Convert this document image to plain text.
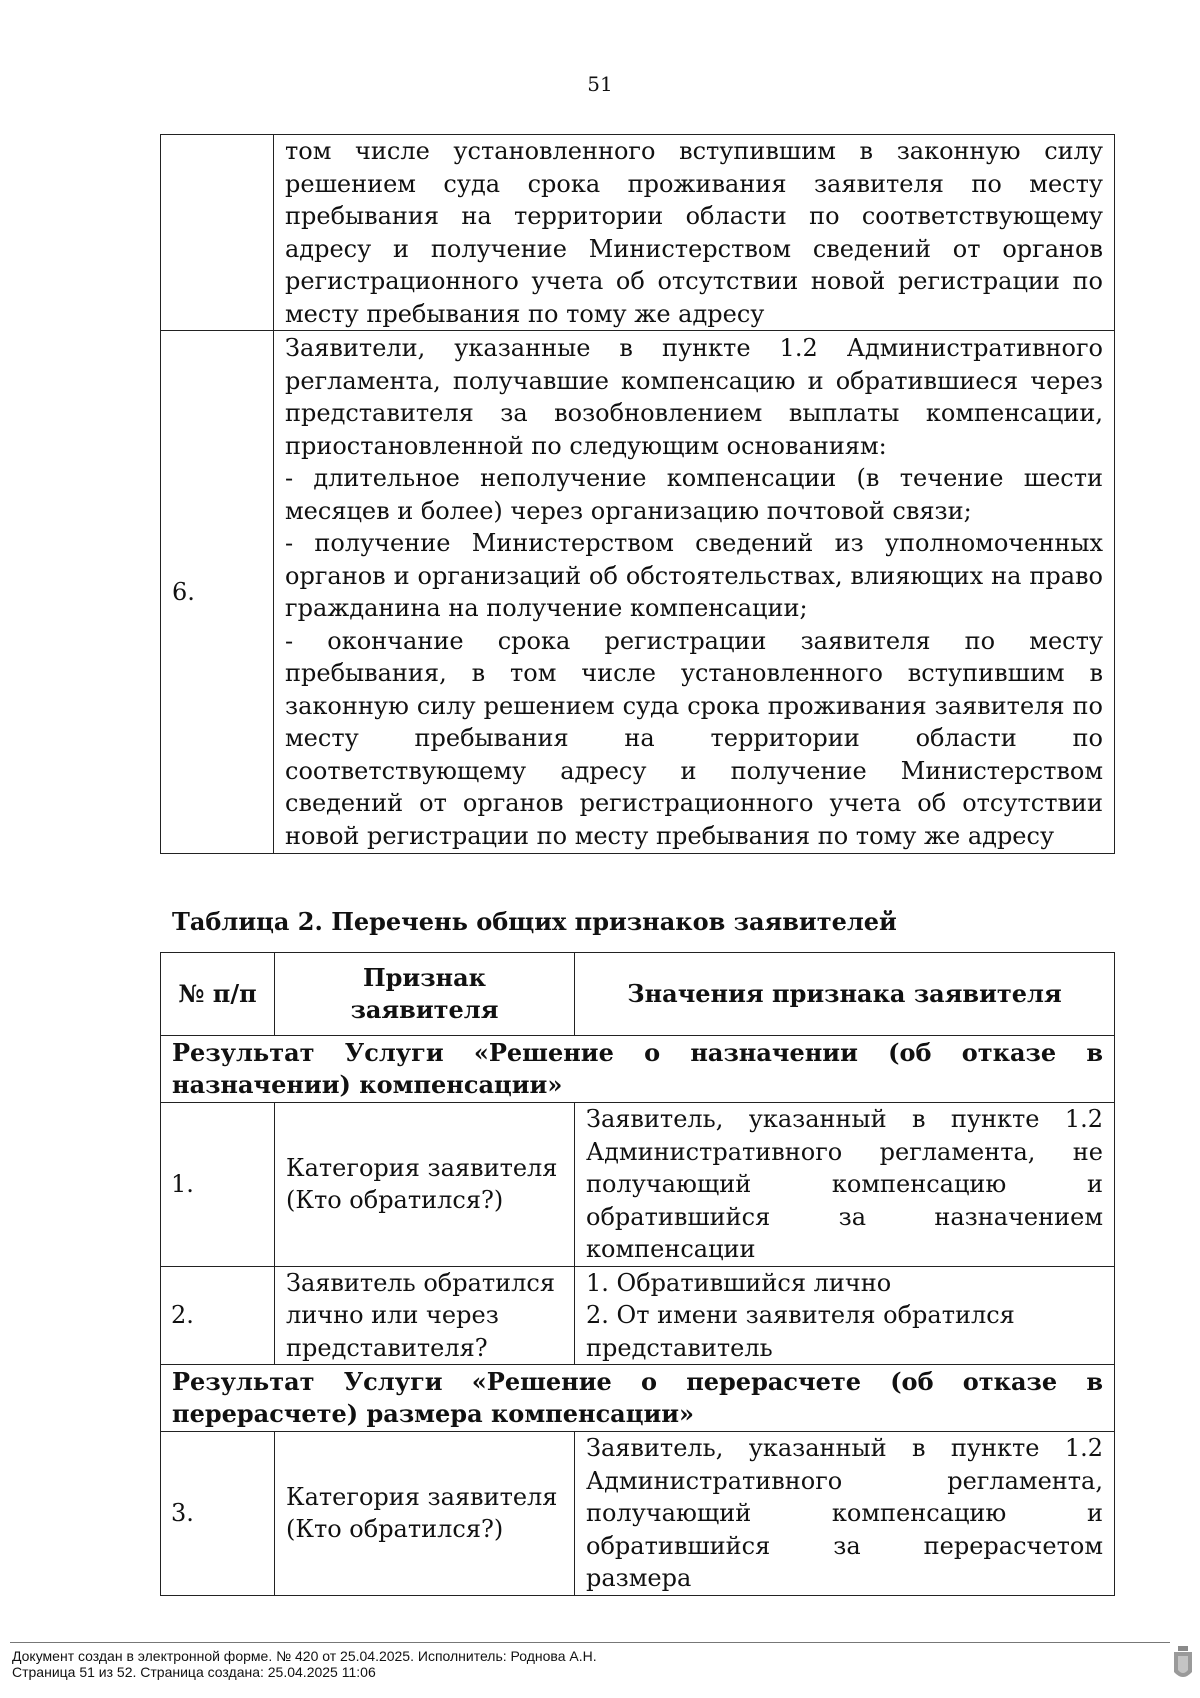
51

	том числе установленного вступившим в законную силу решением суда срока проживания заявителя по месту пребывания на территории области по соответствующему адресу и получение Министерством сведений от органов регистрационного учета об отсутствии новой регистрации по месту пребывания по тому же адресу

6.	Заявители, указанные в пункте 1.2 Административного регламента, получавшие компенсацию и обратившиеся через представителя за возобновлением выплаты компенсации, приостановленной по следующим основаниям:

- длительное неполучение компенсации (в течение шести месяцев и более) через организацию почтовой связи;

- получение Министерством сведений из уполномоченных органов и организаций об обстоятельствах, влияющих на право гражданина на получение компенсации;

- окончание срока регистрации заявителя по месту пребывания, в том числе установленного вступившим в законную силу решением суда срока проживания заявителя по месту пребывания на территории области по соответствующему адресу и получение Министерством сведений от органов регистрационного учета об отсутствии новой регистрации по месту пребывания по тому же адресу

Таблица 2. Перечень общих признаков заявителей
№ п/п	Признак заявителя	Значения признака заявителя
Результат Услуги «Решение о назначении (об отказе в назначении) компенсации»		
1.	Категория заявителя (Кто обратился?)	Заявитель, указанный в пункте 1.2 Административного регламента, не получающий компенсацию и обратившийся за назначением компенсации
2.	Заявитель обратился лично или через представителя?	1. Обратившийся лично

2. От имени заявителя обратился представитель

Результат Услуги «Решение о перерасчете (об отказе в перерасчете) размера компенсации»		
3.	Категория заявителя (Кто обратился?)	Заявитель, указанный в пункте 1.2 Административного регламента, получающий компенсацию и обратившийся за перерасчетом размера
Документ создан в электронной форме. № 420 от 25.04.2025. Исполнитель: Роднова А.Н.
Страница 51 из 52. Страница создана: 25.04.2025 11:06
